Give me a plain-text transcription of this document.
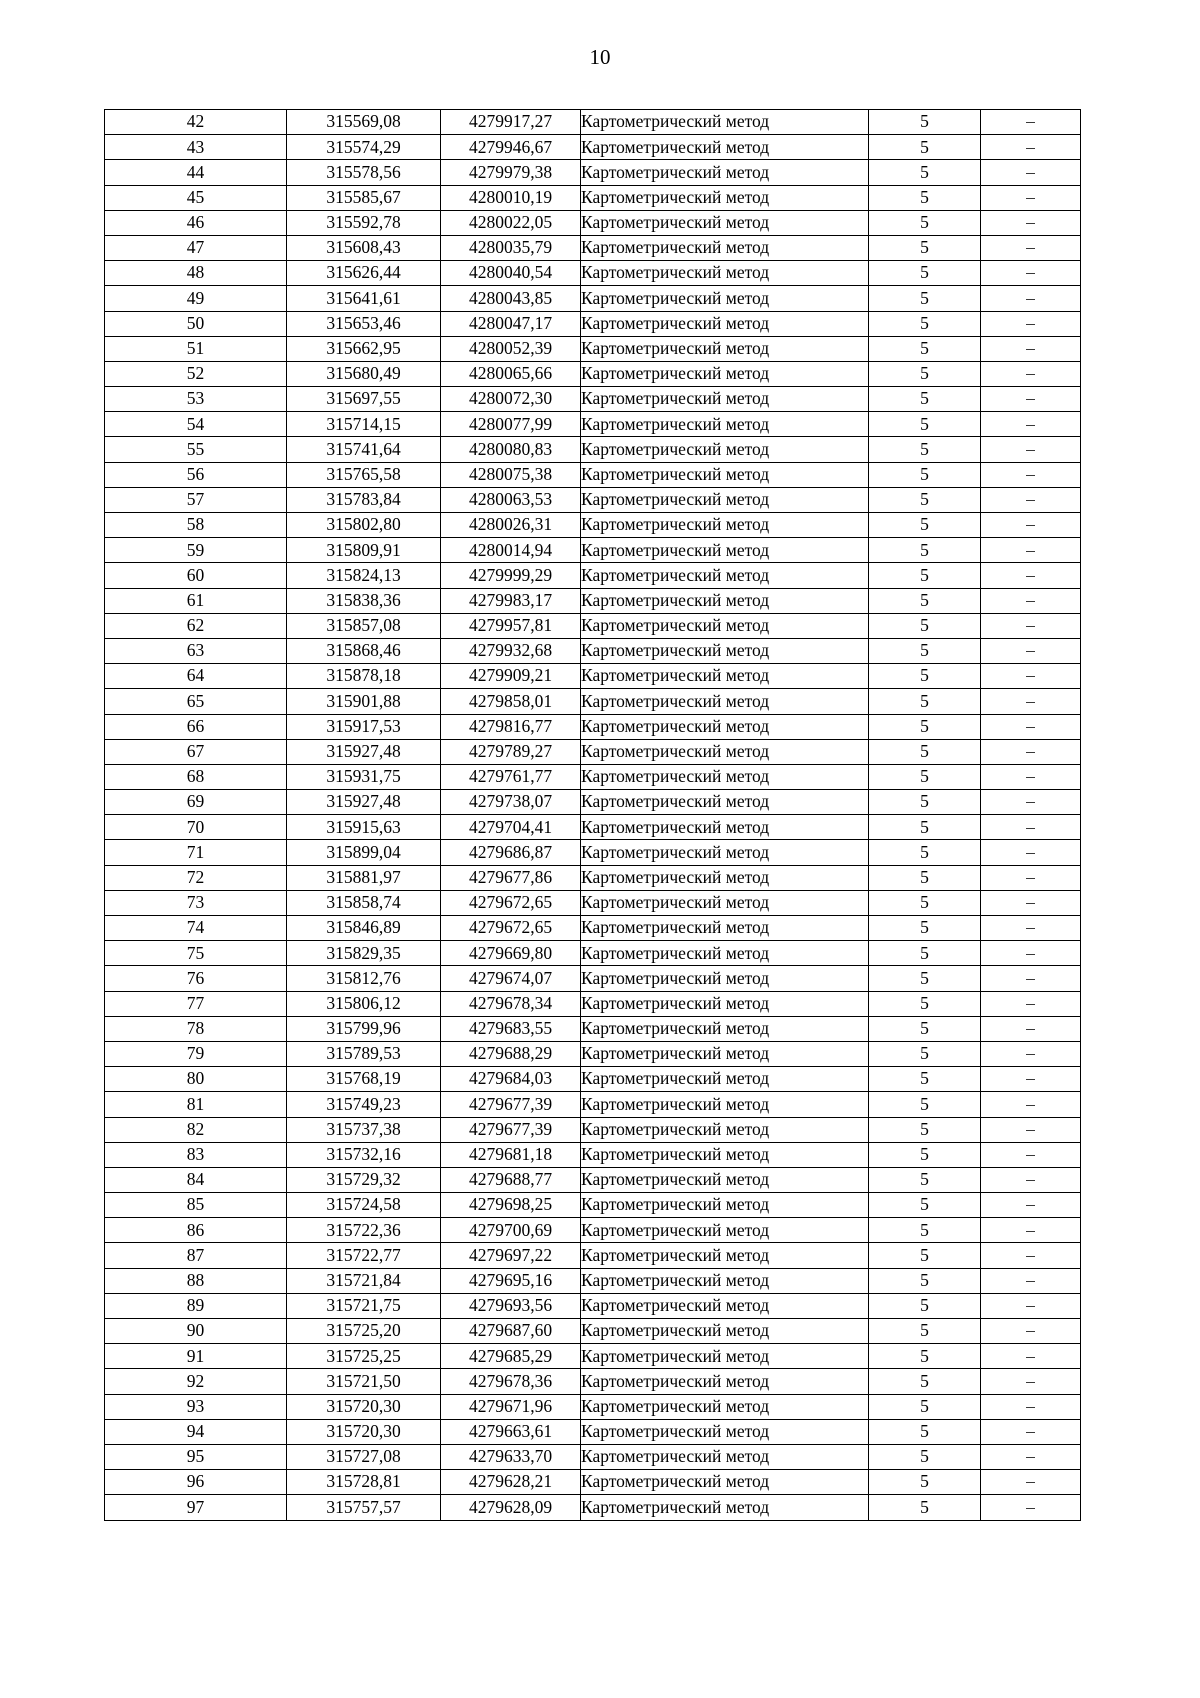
10
42	315569,08	4279917,27	Картометрический метод	5	–
43	315574,29	4279946,67	Картометрический метод	5	–
44	315578,56	4279979,38	Картометрический метод	5	–
45	315585,67	4280010,19	Картометрический метод	5	–
46	315592,78	4280022,05	Картометрический метод	5	–
47	315608,43	4280035,79	Картометрический метод	5	–
48	315626,44	4280040,54	Картометрический метод	5	–
49	315641,61	4280043,85	Картометрический метод	5	–
50	315653,46	4280047,17	Картометрический метод	5	–
51	315662,95	4280052,39	Картометрический метод	5	–
52	315680,49	4280065,66	Картометрический метод	5	–
53	315697,55	4280072,30	Картометрический метод	5	–
54	315714,15	4280077,99	Картометрический метод	5	–
55	315741,64	4280080,83	Картометрический метод	5	–
56	315765,58	4280075,38	Картометрический метод	5	–
57	315783,84	4280063,53	Картометрический метод	5	–
58	315802,80	4280026,31	Картометрический метод	5	–
59	315809,91	4280014,94	Картометрический метод	5	–
60	315824,13	4279999,29	Картометрический метод	5	–
61	315838,36	4279983,17	Картометрический метод	5	–
62	315857,08	4279957,81	Картометрический метод	5	–
63	315868,46	4279932,68	Картометрический метод	5	–
64	315878,18	4279909,21	Картометрический метод	5	–
65	315901,88	4279858,01	Картометрический метод	5	–
66	315917,53	4279816,77	Картометрический метод	5	–
67	315927,48	4279789,27	Картометрический метод	5	–
68	315931,75	4279761,77	Картометрический метод	5	–
69	315927,48	4279738,07	Картометрический метод	5	–
70	315915,63	4279704,41	Картометрический метод	5	–
71	315899,04	4279686,87	Картометрический метод	5	–
72	315881,97	4279677,86	Картометрический метод	5	–
73	315858,74	4279672,65	Картометрический метод	5	–
74	315846,89	4279672,65	Картометрический метод	5	–
75	315829,35	4279669,80	Картометрический метод	5	–
76	315812,76	4279674,07	Картометрический метод	5	–
77	315806,12	4279678,34	Картометрический метод	5	–
78	315799,96	4279683,55	Картометрический метод	5	–
79	315789,53	4279688,29	Картометрический метод	5	–
80	315768,19	4279684,03	Картометрический метод	5	–
81	315749,23	4279677,39	Картометрический метод	5	–
82	315737,38	4279677,39	Картометрический метод	5	–
83	315732,16	4279681,18	Картометрический метод	5	–
84	315729,32	4279688,77	Картометрический метод	5	–
85	315724,58	4279698,25	Картометрический метод	5	–
86	315722,36	4279700,69	Картометрический метод	5	–
87	315722,77	4279697,22	Картометрический метод	5	–
88	315721,84	4279695,16	Картометрический метод	5	–
89	315721,75	4279693,56	Картометрический метод	5	–
90	315725,20	4279687,60	Картометрический метод	5	–
91	315725,25	4279685,29	Картометрический метод	5	–
92	315721,50	4279678,36	Картометрический метод	5	–
93	315720,30	4279671,96	Картометрический метод	5	–
94	315720,30	4279663,61	Картометрический метод	5	–
95	315727,08	4279633,70	Картометрический метод	5	–
96	315728,81	4279628,21	Картометрический метод	5	–
97	315757,57	4279628,09	Картометрический метод	5	–
